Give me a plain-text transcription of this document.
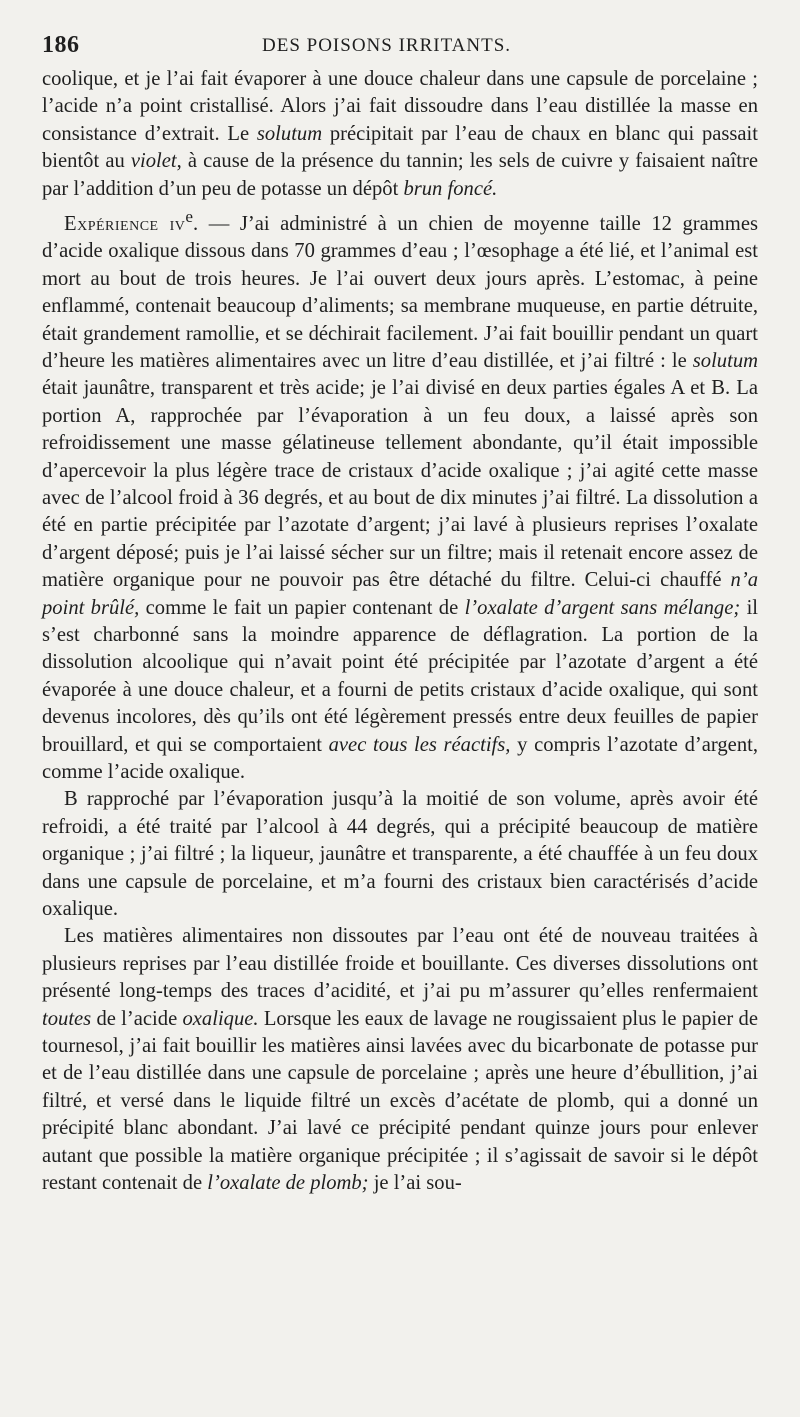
186	DES POISONS IRRITANTS.

coolique, et je l’ai fait évaporer à une douce chaleur dans une capsule de porcelaine ; l’acide n’a point cristallisé. Alors j’ai fait dissoudre dans l’eau distillée la masse en consistance d’extrait. Le solutum précipitait par l’eau de chaux en blanc qui passait bientôt au violet, à cause de la présence du tannin; les sels de cuivre y faisaient naître par l’addition d’un peu de potasse un dépôt brun foncé.

Expérience $iv^e$. — J’ai administré à un chien de moyenne taille 12 grammes d’acide oxalique dissous dans 70 grammes d’eau ; l’œsophage a été lié, et l’animal est mort au bout de trois heures. Je l’ai ouvert deux jours après. L’estomac, à peine enflammé, contenait beaucoup d’aliments; sa membrane muqueuse, en partie détruite, était grandement ramollie, et se déchirait facilement. J’ai fait bouillir pendant un quart d’heure les matières alimentaires avec un litre d’eau distillée, et j’ai filtré : le solutum était jaunâtre, transparent et très acide; je l’ai divisé en deux parties égales A et B. La portion A, rapprochée par l’évaporation à un feu doux, a laissé après son refroidissement une masse gélatineuse tellement abondante, qu’il était impossible d’apercevoir la plus légère trace de cristaux d’acide oxalique ; j’ai agité cette masse avec de l’alcool froid à 36 degrés, et au bout de dix minutes j’ai filtré. La dissolution a été en partie précipitée par l’azotate d’argent; j’ai lavé à plusieurs reprises l’oxalate d’argent déposé; puis je l’ai laissé sécher sur un filtre; mais il retenait encore assez de matière organique pour ne pouvoir pas être détaché du filtre. Celui-ci chauffé n’a point brûlé, comme le fait un papier contenant de l’oxalate d’argent sans mélange; il s’est charbonné sans la moindre apparence de déflagration. La portion de la dissolution alcoolique qui n’avait point été précipitée par l’azotate d’argent a été évaporée à une douce chaleur, et a fourni de petits cristaux d’acide oxalique, qui sont devenus incolores, dès qu’ils ont été légèrement pressés entre deux feuilles de papier brouillard, et qui se comportaient avec tous les réactifs, y compris l’azotate d’argent, comme l’acide oxalique.

B rapproché par l’évaporation jusqu’à la moitié de son volume, après avoir été refroidi, a été traité par l’alcool à 44 degrés, qui a précipité beaucoup de matière organique ; j’ai filtré ; la liqueur, jaunâtre et transparente, a été chauffée à un feu doux dans une capsule de porcelaine, et m’a fourni des cristaux bien caractérisés d’acide oxalique.

Les matières alimentaires non dissoutes par l’eau ont été de nouveau traitées à plusieurs reprises par l’eau distillée froide et bouillante. Ces diverses dissolutions ont présenté long-temps des traces d’acidité, et j’ai pu m’assurer qu’elles renfermaient toutes de l’acide oxalique. Lorsque les eaux de lavage ne rougissaient plus le papier de tournesol, j’ai fait bouillir les matières ainsi lavées avec du bicarbonate de potasse pur et de l’eau distillée dans une capsule de porcelaine ; après une heure d’ébullition, j’ai filtré, et versé dans le liquide filtré un excès d’acétate de plomb, qui a donné un précipité blanc abondant. J’ai lavé ce précipité pendant quinze jours pour enlever autant que possible la matière organique précipitée ; il s’agissait de savoir si le dépôt restant contenait de l’oxalate de plomb; je l’ai sou-
